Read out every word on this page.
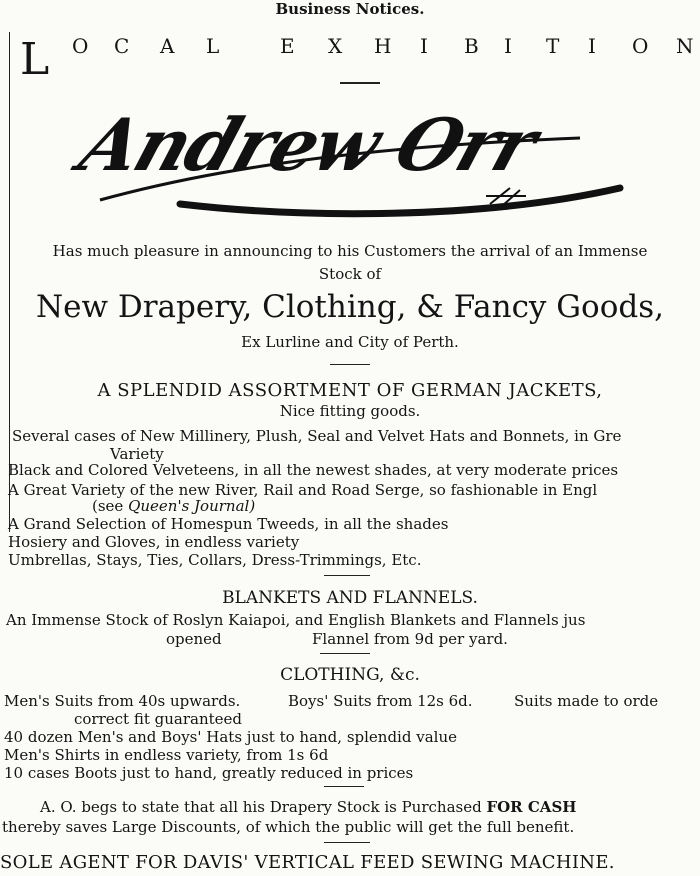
Business Notices.
L O C A L	E X H I B I T I O N
Andrew Orr
Has much pleasure in announcing to his Customers the arrival of an Immense
Stock of
New Drapery, Clothing, & Fancy Goods,
Ex Lurline and City of Perth.
A SPLENDID ASSORTMENT OF GERMAN JACKETS,
Nice fitting goods.
Several cases of New Millinery, Plush, Seal and Velvet Hats and Bonnets, in Gre
Variety
Black and Colored Velveteens, in all the newest shades, at very moderate prices
A Great Variety of the new River, Rail and Road Serge, so fashionable in Engl
(see Queen's Journal)
A Grand Selection of Homespun Tweeds, in all the shades
Hosiery and Gloves, in endless variety
Umbrellas, Stays, Ties, Collars, Dress-Trimmings, Etc.
BLANKETS AND FLANNELS.
An Immense Stock of Roslyn Kaiapoi, and English Blankets and Flannels jus
opened	Flannel from 9d per yard.
CLOTHING, &c.
Men's Suits from 40s upwards.	Boys' Suits from 12s 6d.	Suits made to orde
correct fit guaranteed
40 dozen Men's and Boys' Hats just to hand, splendid value
Men's Shirts in endless variety, from 1s 6d
10 cases Boots just to hand, greatly reduced in prices
A. O. begs to state that all his Drapery Stock is Purchased FOR CASH
thereby saves Large Discounts, of which the public will get the full benefit.
SOLE AGENT FOR DAVIS' VERTICAL FEED SEWING MACHINE.
